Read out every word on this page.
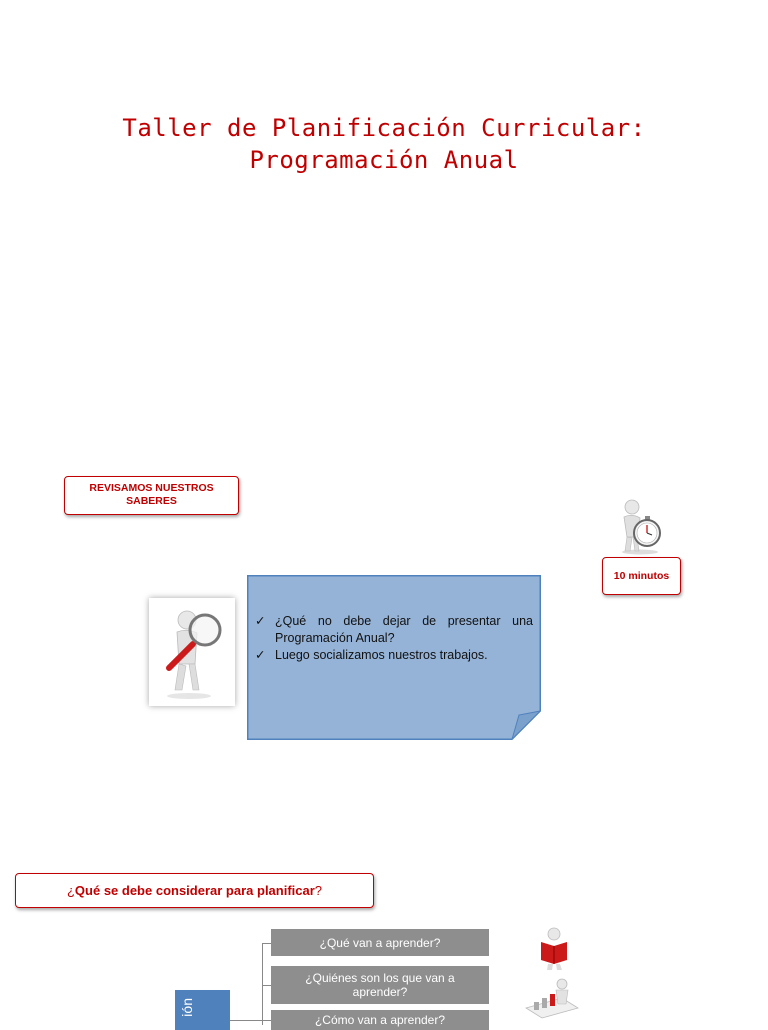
Taller de Planificación Curricular:
Programación Anual
REVISAMOS NUESTROS
SABERES
10 minutos
✓ ¿Qué no debe dejar de presentar una Programación Anual?
✓ Luego socializamos nuestros trabajos.
¿ Qué se debe considerar para planificar ?
ión
¿Qué van a aprender?
¿Quiénes son los que van a aprender?
¿Cómo van a aprender?
